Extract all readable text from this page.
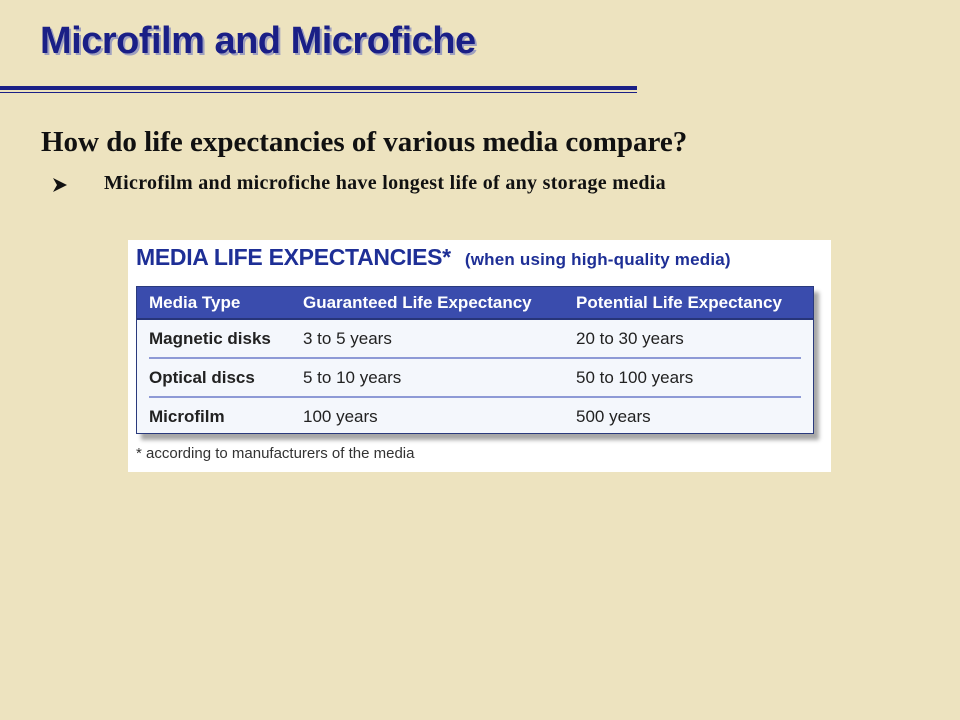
Microfilm and Microfiche
How do life expectancies of various media compare?
Microfilm and microfiche have longest life of any storage media
MEDIA LIFE EXPECTANCIES* (when using high-quality media)
Media Type	Guaranteed Life Expectancy	Potential Life Expectancy
Magnetic disks	3 to 5 years	20 to 30 years
Optical discs	5 to 10 years	50 to 100 years
Microfilm	100 years	500 years
* according to manufacturers of the media
